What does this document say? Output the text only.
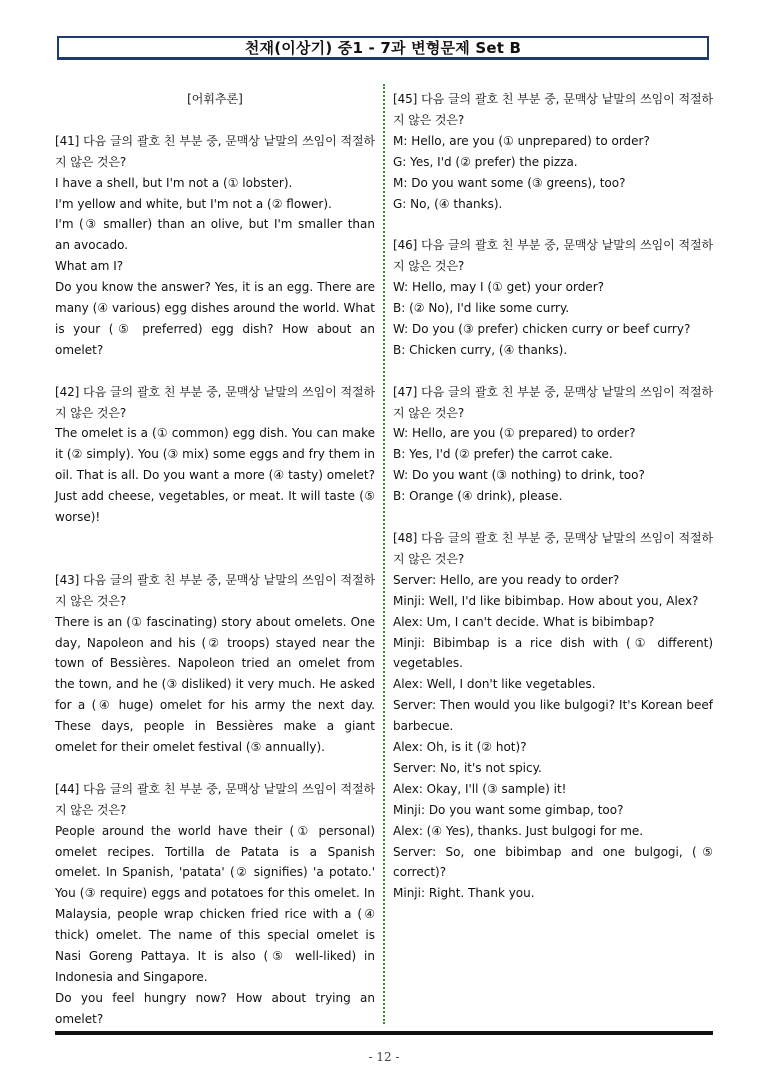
천재(이상기) 중1 - 7과 변형문제 Set B

[어휘추론]

[41] 다음 글의 괄호 친 부분 중, 문맥상 낱말의 쓰임이 적절하지 않은 것은?

I have a shell, but I'm not a (① lobster).

I'm yellow and white, but I'm not a (② flower).

I'm (③ smaller) than an olive, but I'm smaller than an avocado.

What am I?

Do you know the answer? Yes, it is an egg. There are many (④ various) egg dishes around the world. What is your (⑤ preferred) egg dish? How about an omelet?

[42] 다음 글의 괄호 친 부분 중, 문맥상 낱말의 쓰임이 적절하지 않은 것은?

The omelet is a (① common) egg dish. You can make it (② simply). You (③ mix) some eggs and fry them in oil. That is all. Do you want a more (④ tasty) omelet? Just add cheese, vegetables, or meat. It will taste (⑤ worse)!

[43] 다음 글의 괄호 친 부분 중, 문맥상 낱말의 쓰임이 적절하지 않은 것은?

There is an (① fascinating) story about omelets. One day, Napoleon and his (② troops) stayed near the town of Bessières. Napoleon tried an omelet from the town, and he (③ disliked) it very much. He asked for a (④ huge) omelet for his army the next day. These days, people in Bessières make a giant omelet for their omelet festival (⑤ annually).

[44] 다음 글의 괄호 친 부분 중, 문맥상 낱말의 쓰임이 적절하지 않은 것은?

People around the world have their (① personal) omelet recipes. Tortilla de Patata is a Spanish omelet. In Spanish, 'patata' (② signifies) 'a potato.' You (③ require) eggs and potatoes for this omelet. In Malaysia, people wrap chicken fried rice with a (④ thick) omelet. The name of this special omelet is Nasi Goreng Pattaya. It is also (⑤ well-liked) in Indonesia and Singapore.

Do you feel hungry now? How about trying an omelet?

[45] 다음 글의 괄호 친 부분 중, 문맥상 낱말의 쓰임이 적절하지 않은 것은?

M: Hello, are you (① unprepared) to order?

G: Yes, I'd (② prefer) the pizza.

M: Do you want some (③ greens), too?

G: No, (④ thanks).

[46] 다음 글의 괄호 친 부분 중, 문맥상 낱말의 쓰임이 적절하지 않은 것은?

W: Hello, may I (① get) your order?

B: (② No), I'd like some curry.

W: Do you (③ prefer) chicken curry or beef curry?

B: Chicken curry, (④ thanks).

[47] 다음 글의 괄호 친 부분 중, 문맥상 낱말의 쓰임이 적절하지 않은 것은?

W: Hello, are you (① prepared) to order?

B: Yes, I'd (② prefer) the carrot cake.

W: Do you want (③ nothing) to drink, too?

B: Orange (④ drink), please.

[48] 다음 글의 괄호 친 부분 중, 문맥상 낱말의 쓰임이 적절하지 않은 것은?

Server: Hello, are you ready to order?

Minji: Well, I'd like bibimbap. How about you, Alex?

Alex: Um, I can't decide. What is bibimbap?

Minji: Bibimbap is a rice dish with (① different) vegetables.

Alex: Well, I don't like vegetables.

Server: Then would you like bulgogi? It's Korean beef barbecue.

Alex: Oh, is it (② hot)?

Server: No, it's not spicy.

Alex: Okay, I'll (③ sample) it!

Minji: Do you want some gimbap, too?

Alex: (④ Yes), thanks. Just bulgogi for me.

Server: So, one bibimbap and one bulgogi, (⑤ correct)?

Minji: Right. Thank you.

- 12 -
